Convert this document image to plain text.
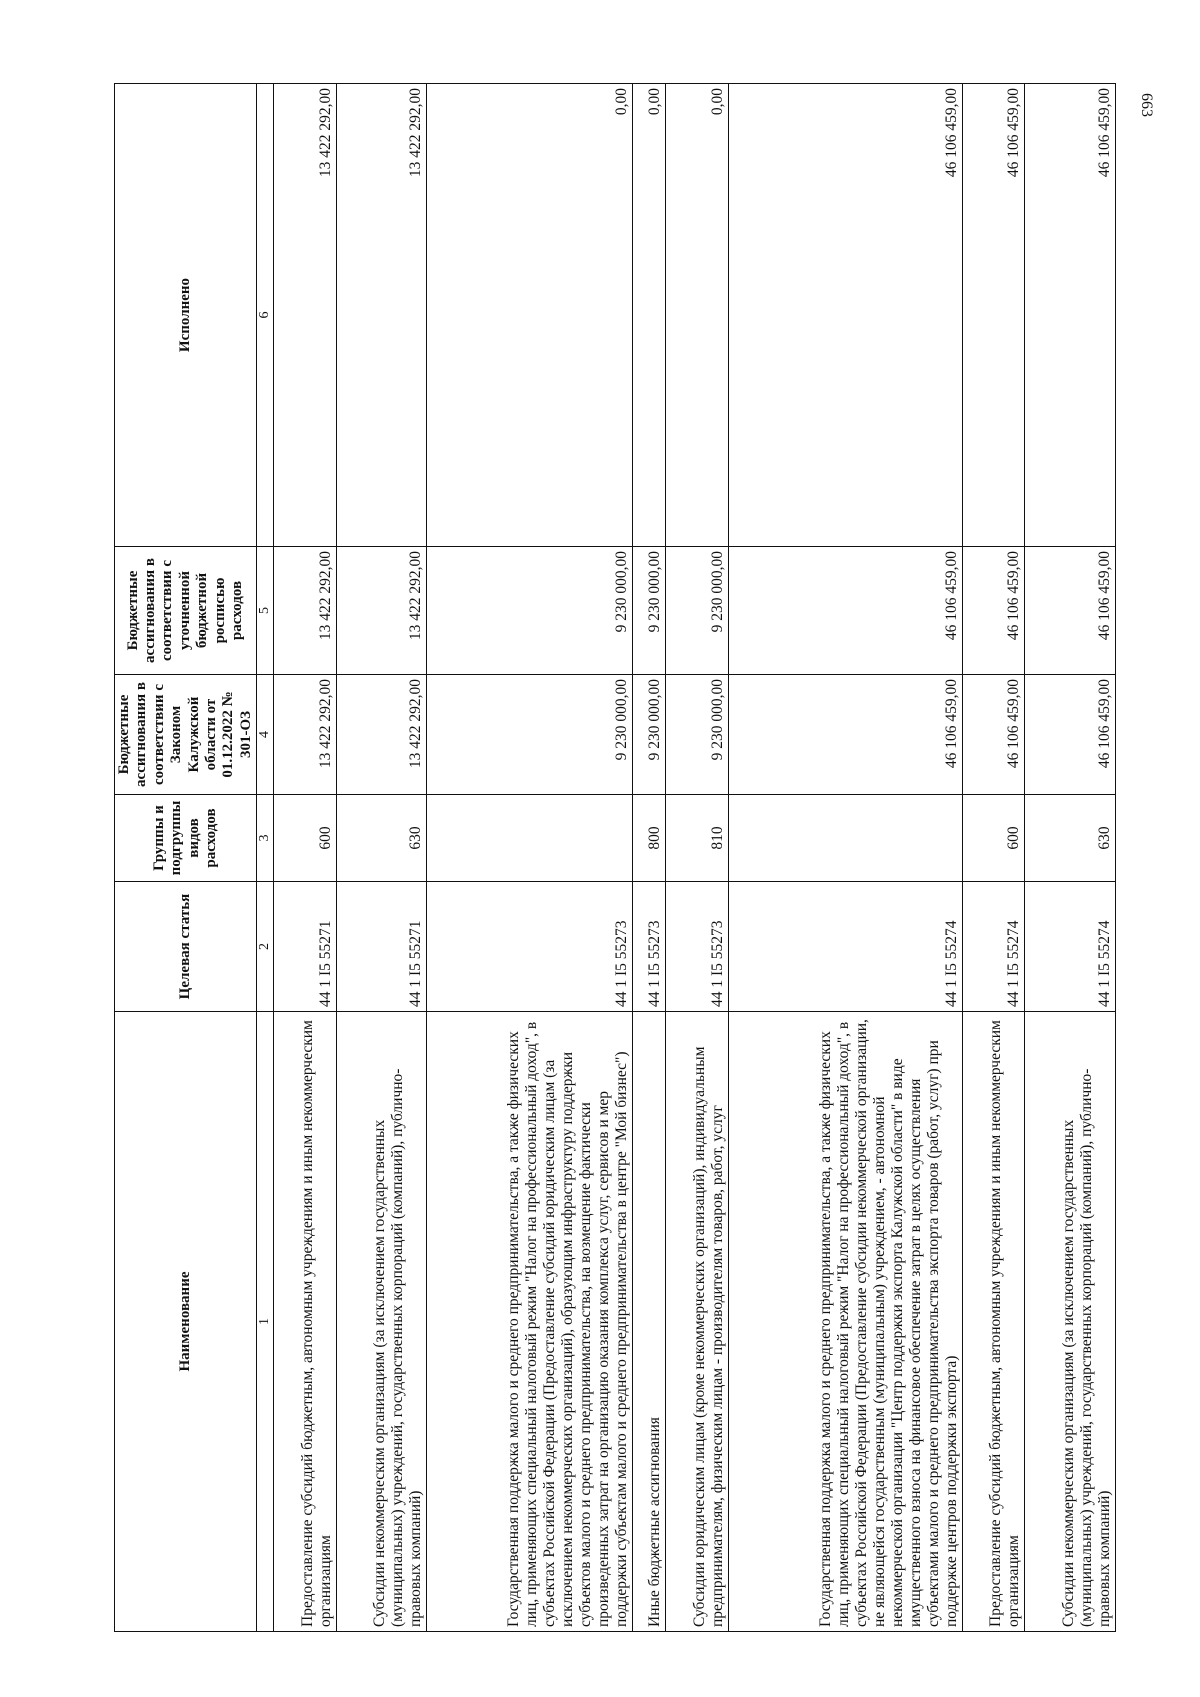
663
Наименование	Целевая статья	Группы и подгруппы видов расходов	Бюджетные ассигнования в соответствии с Законом Калужской области от 01.12.2022 № 301-ОЗ	Бюджетные ассигнования в соответствии с уточненной бюджетной росписью расходов	Исполнено
1	2	3	4	5	6
Предоставление субсидий бюджетным, автономным учреждениям и иным некоммерческим организациям	44 1 I5 55271	600	13 422 292,00	13 422 292,00	13 422 292,00
Субсидии некоммерческим организациям (за исключением государственных (муниципальных) учреждений, государственных корпораций (компаний), публично-правовых компаний)	44 1 I5 55271	630	13 422 292,00	13 422 292,00	13 422 292,00
Государственная поддержка малого и среднего предпринимательства, а также физических лиц, применяющих специальный налоговый режим "Налог на профессиональный доход", в субъектах Российской Федерации (Предоставление субсидий юридическим лицам (за исключением некоммерческих организаций), образующим инфраструктуру поддержки субъектов малого и среднего предпринимательства, на возмещение фактически произведенных затрат на организацию оказания комплекса услуг, сервисов и мер поддержки субъектам малого и среднего предпринимательства в центре "Мой бизнес")	44 1 I5 55273		9 230 000,00	9 230 000,00	0,00
Иные бюджетные ассигнования	44 1 I5 55273	800	9 230 000,00	9 230 000,00	0,00
Субсидии юридическим лицам (кроме некоммерческих организаций), индивидуальным предпринимателям, физическим лицам - производителям товаров, работ, услуг	44 1 I5 55273	810	9 230 000,00	9 230 000,00	0,00
Государственная поддержка малого и среднего предпринимательства, а также физических лиц, применяющих специальный налоговый режим "Налог на профессиональный доход", в субъектах Российской Федерации (Предоставление субсидии некоммерческой организации, не являющейся государственным (муниципальным) учреждением, - автономной некоммерческой организации "Центр поддержки экспорта Калужской области" в виде имущественного взноса на финансовое обеспечение затрат в целях осуществления субъектами малого и среднего предпринимательства экспорта товаров (работ, услуг) при поддержке центров поддержки экспорта)	44 1 I5 55274		46 106 459,00	46 106 459,00	46 106 459,00
Предоставление субсидий бюджетным, автономным учреждениям и иным некоммерческим организациям	44 1 I5 55274	600	46 106 459,00	46 106 459,00	46 106 459,00
Субсидии некоммерческим организациям (за исключением государственных (муниципальных) учреждений, государственных корпораций (компаний), публично-правовых компаний)	44 1 I5 55274	630	46 106 459,00	46 106 459,00	46 106 459,00
